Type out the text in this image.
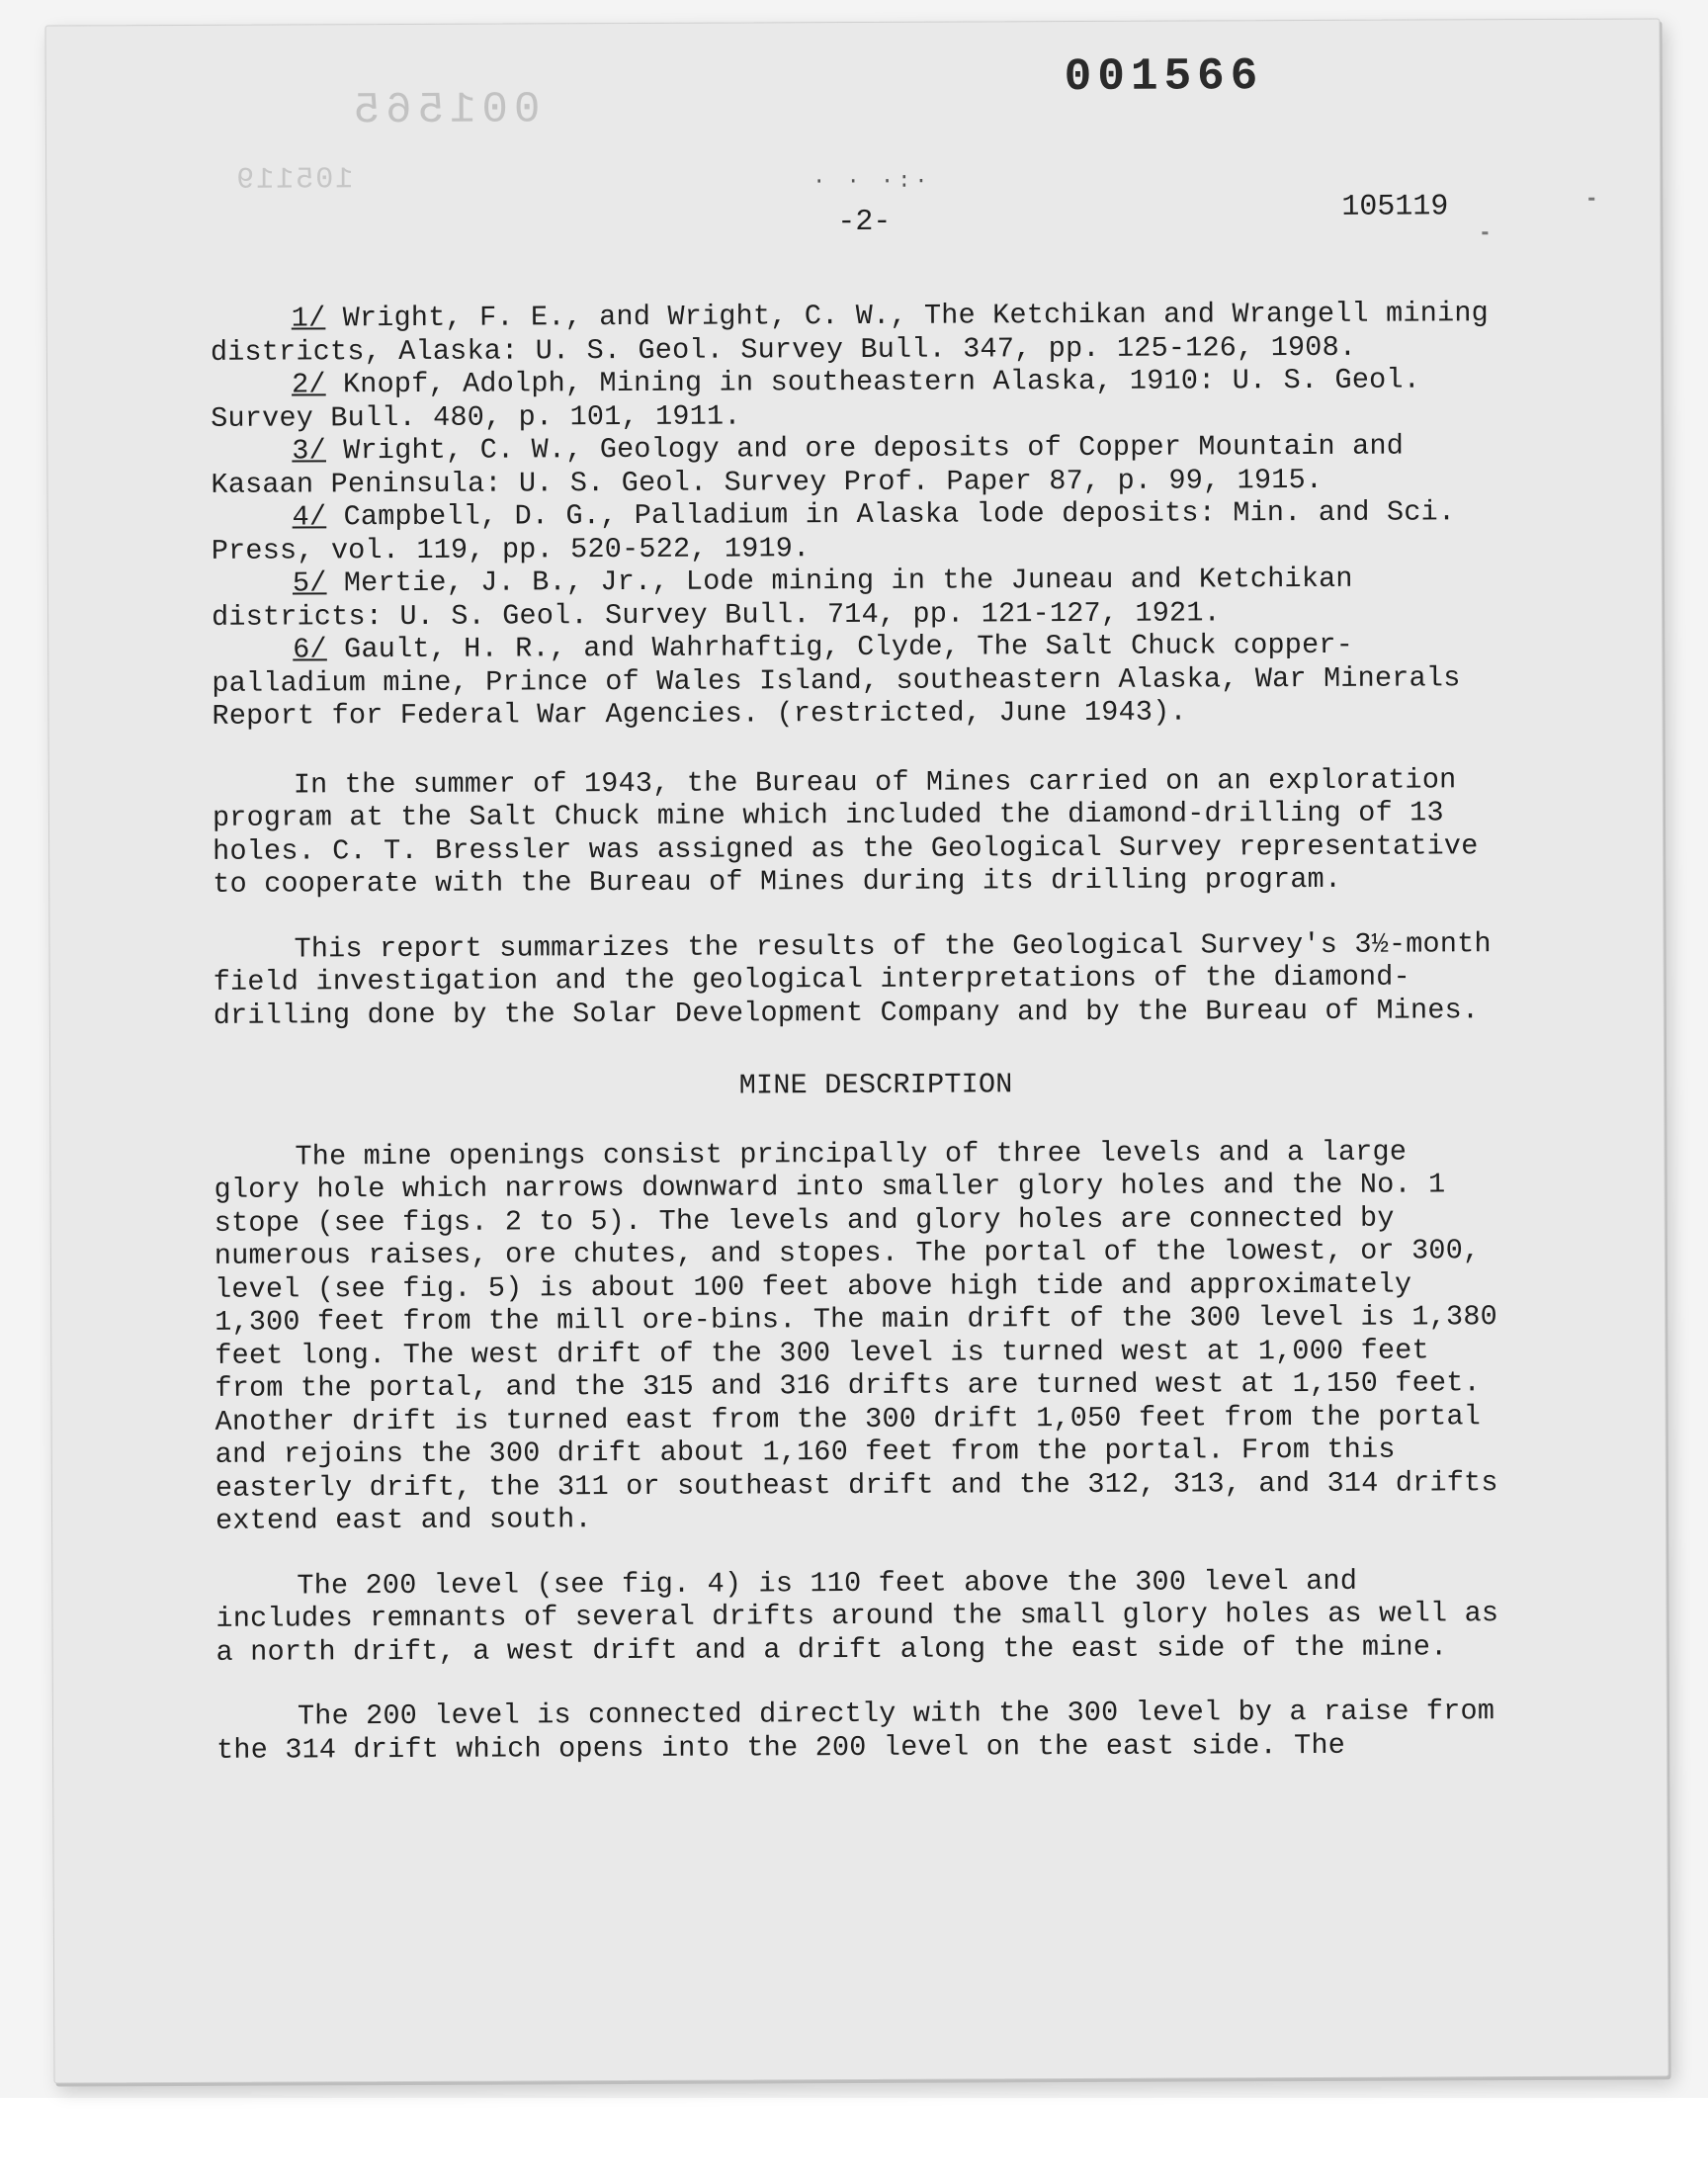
001565
105119
001566
· · ·:·
-2-	105119

1/ Wright, F. E., and Wright, C. W., The Ketchikan and Wrangell mining districts, Alaska: U. S. Geol. Survey Bull. 347, pp. 125-126, 1908.

2/ Knopf, Adolph, Mining in southeastern Alaska, 1910: U. S. Geol. Survey Bull. 480, p. 101, 1911.

3/ Wright, C. W., Geology and ore deposits of Copper Mountain and Kasaan Peninsula: U. S. Geol. Survey Prof. Paper 87, p. 99, 1915.

4/ Campbell, D. G., Palladium in Alaska lode deposits: Min. and Sci. Press, vol. 119, pp. 520-522, 1919.

5/ Mertie, J. B., Jr., Lode mining in the Juneau and Ketchikan districts: U. S. Geol. Survey Bull. 714, pp. 121-127, 1921.

6/ Gault, H. R., and Wahrhaftig, Clyde, The Salt Chuck copper-palladium mine, Prince of Wales Island, southeastern Alaska, War Minerals Report for Federal War Agencies. (restricted, June 1943).

In the summer of 1943, the Bureau of Mines carried on an exploration program at the Salt Chuck mine which included the diamond-drilling of 13 holes. C. T. Bressler was assigned as the Geological Survey representative to cooperate with the Bureau of Mines during its drilling program.

This report summarizes the results of the Geological Survey's 3½-month field investigation and the geological interpretations of the diamond-drilling done by the Solar Development Company and by the Bureau of Mines.

MINE DESCRIPTION

The mine openings consist principally of three levels and a large glory hole which narrows downward into smaller glory holes and the No. 1 stope (see figs. 2 to 5). The levels and glory holes are connected by numerous raises, ore chutes, and stopes. The portal of the lowest, or 300, level (see fig. 5) is about 100 feet above high tide and approximately 1,300 feet from the mill ore-bins. The main drift of the 300 level is 1,380 feet long. The west drift of the 300 level is turned west at 1,000 feet from the portal, and the 315 and 316 drifts are turned west at 1,150 feet. Another drift is turned east from the 300 drift 1,050 feet from the portal and rejoins the 300 drift about 1,160 feet from the portal. From this easterly drift, the 311 or southeast drift and the 312, 313, and 314 drifts extend east and south.

The 200 level (see fig. 4) is 110 feet above the 300 level and includes remnants of several drifts around the small glory holes as well as a north drift, a west drift and a drift along the east side of the mine.

The 200 level is connected directly with the 300 level by a raise from the 314 drift which opens into the 200 level on the east side. The
